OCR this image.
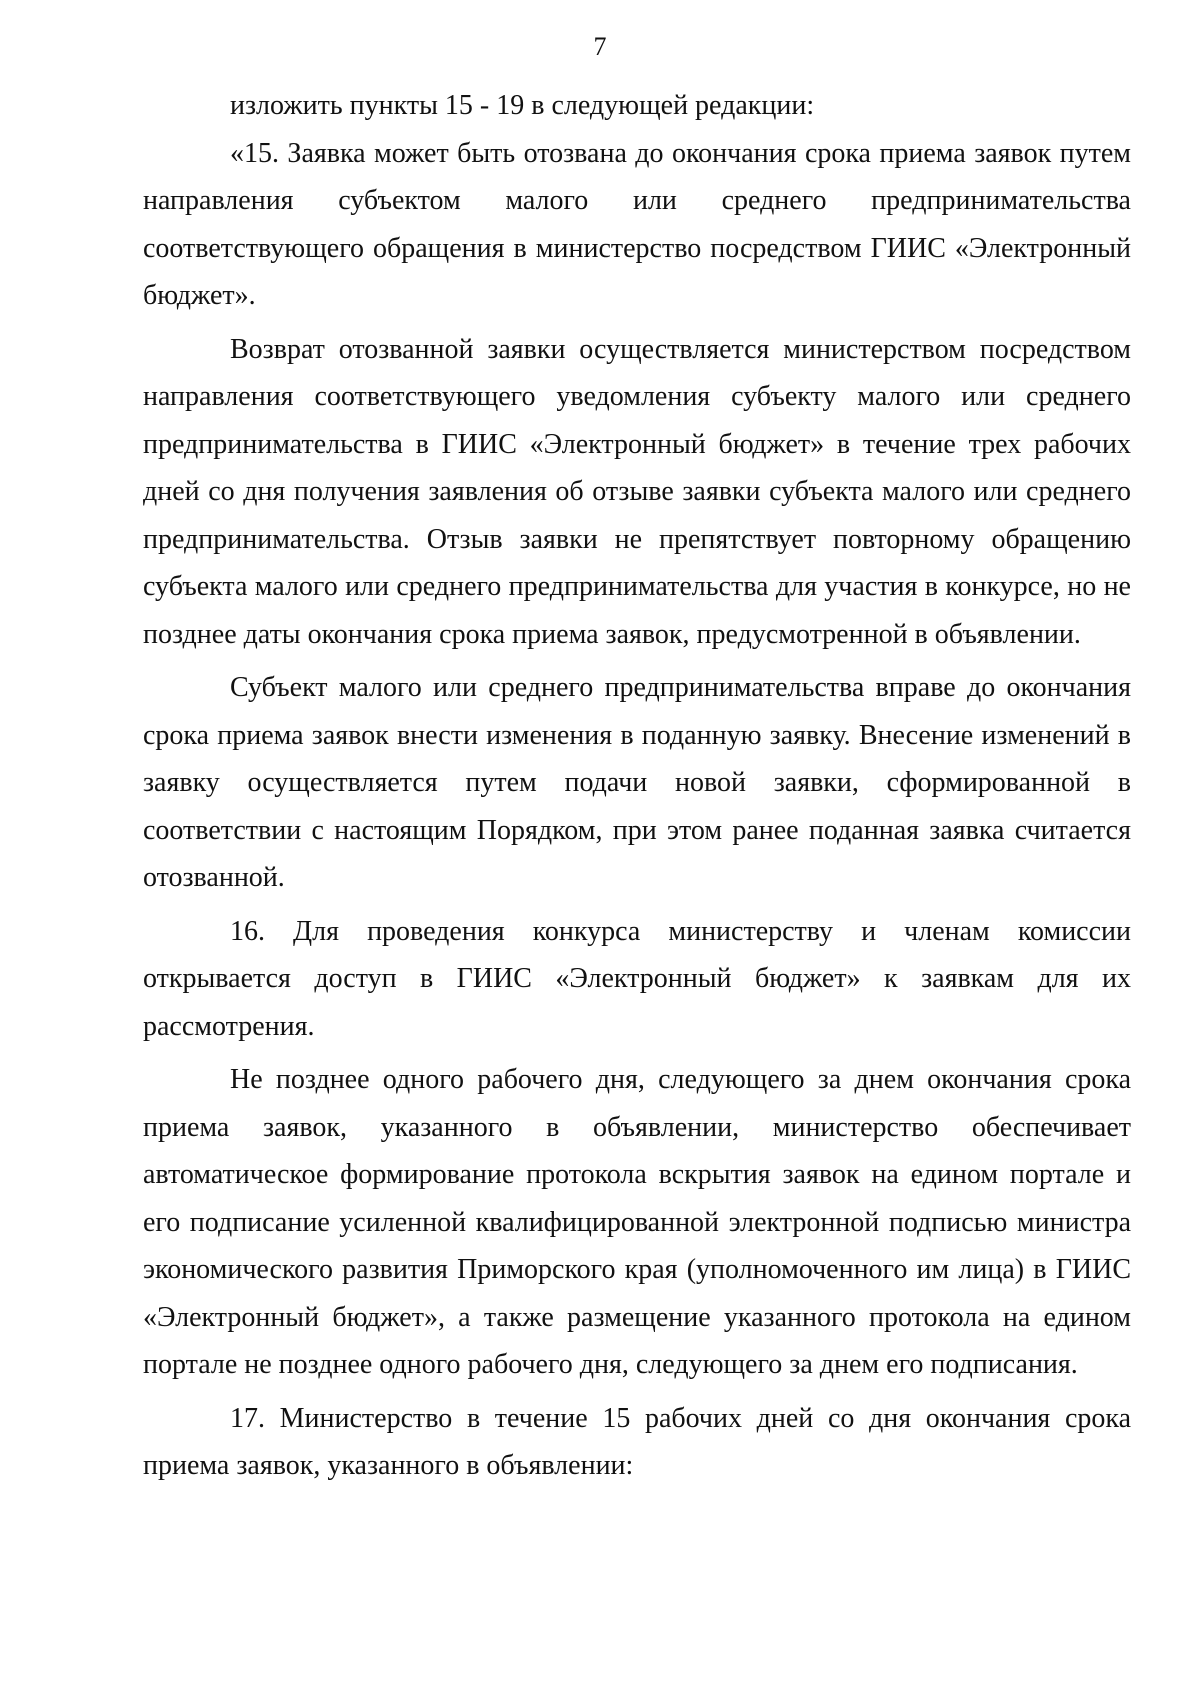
7

изложить пункты 15 - 19 в следующей редакции:

«15. Заявка может быть отозвана до окончания срока приема заявок путем направления субъектом малого или среднего предпринимательства соответствующего обращения в министерство посредством ГИИС «Электронный бюджет».

Возврат отозванной заявки осуществляется министерством посредством направления соответствующего уведомления субъекту малого или среднего предпринимательства в ГИИС «Электронный бюджет» в течение трех рабочих дней со дня получения заявления об отзыве заявки субъекта малого или среднего предпринимательства. Отзыв заявки не препятствует повторному обращению субъекта малого или среднего предпринимательства для участия в конкурсе, но не позднее даты окончания срока приема заявок, предусмотренной в объявлении.

Субъект малого или среднего предпринимательства вправе до окончания срока приема заявок внести изменения в поданную заявку. Внесение изменений в заявку осуществляется путем подачи новой заявки, сформированной в соответствии с настоящим Порядком, при этом ранее поданная заявка считается отозванной.

16. Для проведения конкурса министерству и членам комиссии открывается доступ в ГИИС «Электронный бюджет» к заявкам для их рассмотрения.

Не позднее одного рабочего дня, следующего за днем окончания срока приема заявок, указанного в объявлении, министерство обеспечивает автоматическое формирование протокола вскрытия заявок на едином портале и его подписание усиленной квалифицированной электронной подписью министра экономического развития Приморского края (уполномоченного им лица) в ГИИС «Электронный бюджет», а также размещение указанного протокола на едином портале не позднее одного рабочего дня, следующего за днем его подписания.

17. Министерство в течение 15 рабочих дней со дня окончания срока приема заявок, указанного в объявлении:
